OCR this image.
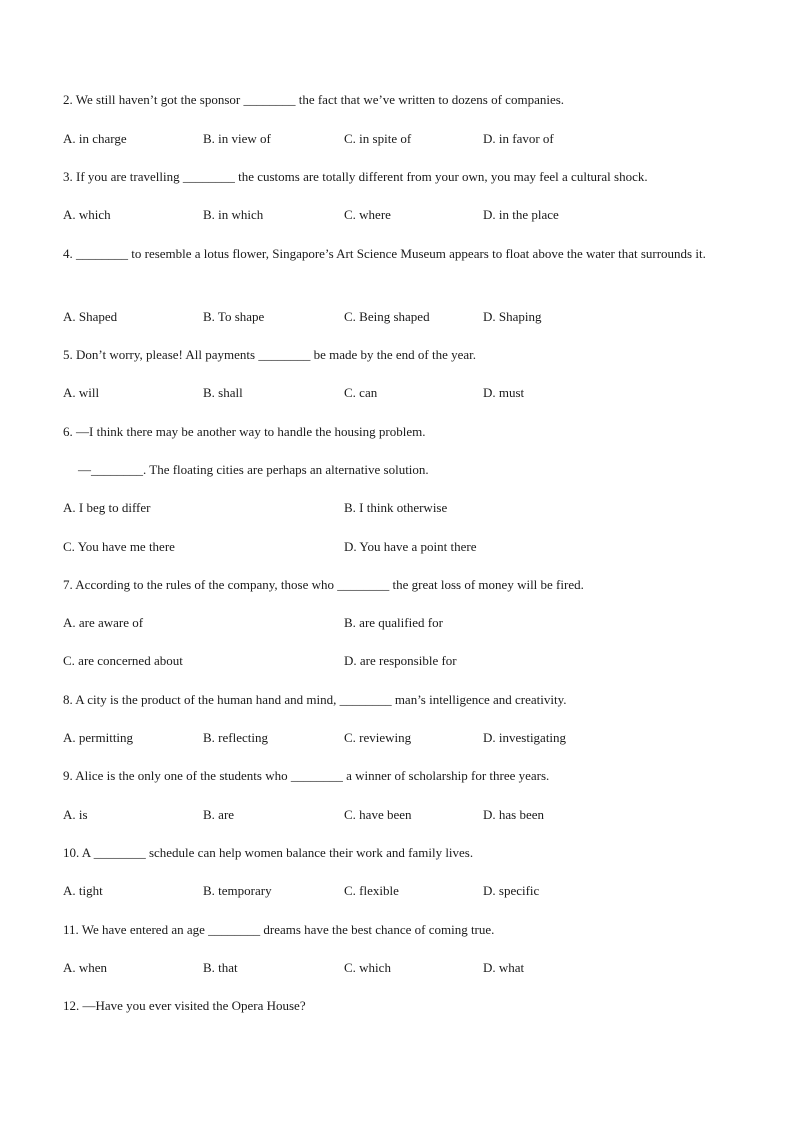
2. We still haven’t got the sponsor ________ the fact that we’ve written to dozens of companies.
A. in charge	B. in view of	C. in spite of	D. in favor of
3. If you are travelling ________ the customs are totally different from your own, you may feel a cultural shock.
A. which	B. in which	C. where	D. in the place
4. ________ to resemble a lotus flower, Singapore’s Art Science Museum appears to float above the water that surrounds it.
A. Shaped	B. To shape	C. Being shaped	D. Shaping
5. Don’t worry, please! All payments ________ be made by the end of the year.
A. will	B. shall	C. can	D. must
6. —I think there may be another way to handle the housing problem.
—________. The floating cities are perhaps an alternative solution.
A. I beg to differ	B. I think otherwise
C. You have me there	D. You have a point there
7. According to the rules of the company, those who ________ the great loss of money will be fired.
A. are aware of	B. are qualified for
C. are concerned about	D. are responsible for
8. A city is the product of the human hand and mind, ________ man’s intelligence and creativity.
A. permitting	B. reflecting	C. reviewing	D. investigating
9. Alice is the only one of the students who ________ a winner of scholarship for three years.
A. is	B. are	C. have been	D. has been
10. A ________ schedule can help women balance their work and family lives.
A. tight	B. temporary	C. flexible	D. specific
11. We have entered an age ________ dreams have the best chance of coming true.
A. when	B. that	C. which	D. what
12. —Have you ever visited the Opera House?
